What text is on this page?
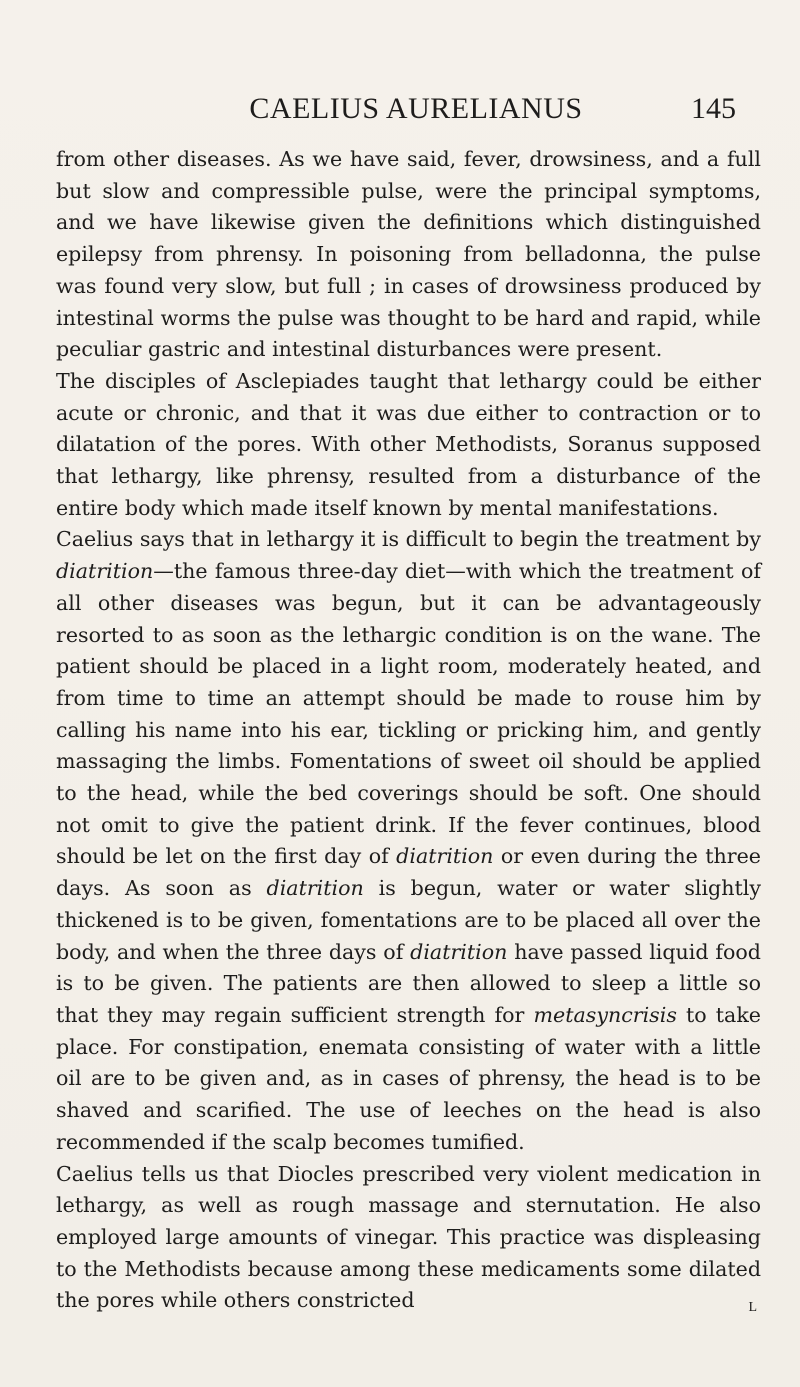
CAELIUS AURELIANUS	145

from other diseases. As we have said, fever, drowsiness, and a full but slow and compressible pulse, were the principal symptoms, and we have likewise given the definitions which distinguished epilepsy from phrensy. In poisoning from belladonna, the pulse was found very slow, but full ; in cases of drowsiness produced by intestinal worms the pulse was thought to be hard and rapid, while peculiar gastric and intestinal disturbances were present.

The disciples of Asclepiades taught that lethargy could be either acute or chronic, and that it was due either to contraction or to dilatation of the pores. With other Methodists, Soranus supposed that lethargy, like phrensy, resulted from a disturbance of the entire body which made itself known by mental manifestations.

Caelius says that in lethargy it is difficult to begin the treatment by diatrition—the famous three-day diet—with which the treatment of all other diseases was begun, but it can be advantageously resorted to as soon as the lethargic condition is on the wane. The patient should be placed in a light room, moderately heated, and from time to time an attempt should be made to rouse him by calling his name into his ear, tickling or pricking him, and gently massaging the limbs. Fomentations of sweet oil should be applied to the head, while the bed coverings should be soft. One should not omit to give the patient drink. If the fever continues, blood should be let on the first day of diatrition or even during the three days. As soon as diatrition is begun, water or water slightly thickened is to be given, fomentations are to be placed all over the body, and when the three days of diatrition have passed liquid food is to be given. The patients are then allowed to sleep a little so that they may regain sufficient strength for metasyncrisis to take place. For constipation, enemata consisting of water with a little oil are to be given and, as in cases of phrensy, the head is to be shaved and scarified. The use of leeches on the head is also recommended if the scalp becomes tumified.

Caelius tells us that Diocles prescribed very violent medication in lethargy, as well as rough massage and sternutation. He also employed large amounts of vinegar. This practice was displeasing to the Methodists because among these medicaments some dilated the pores while others constricted	L
